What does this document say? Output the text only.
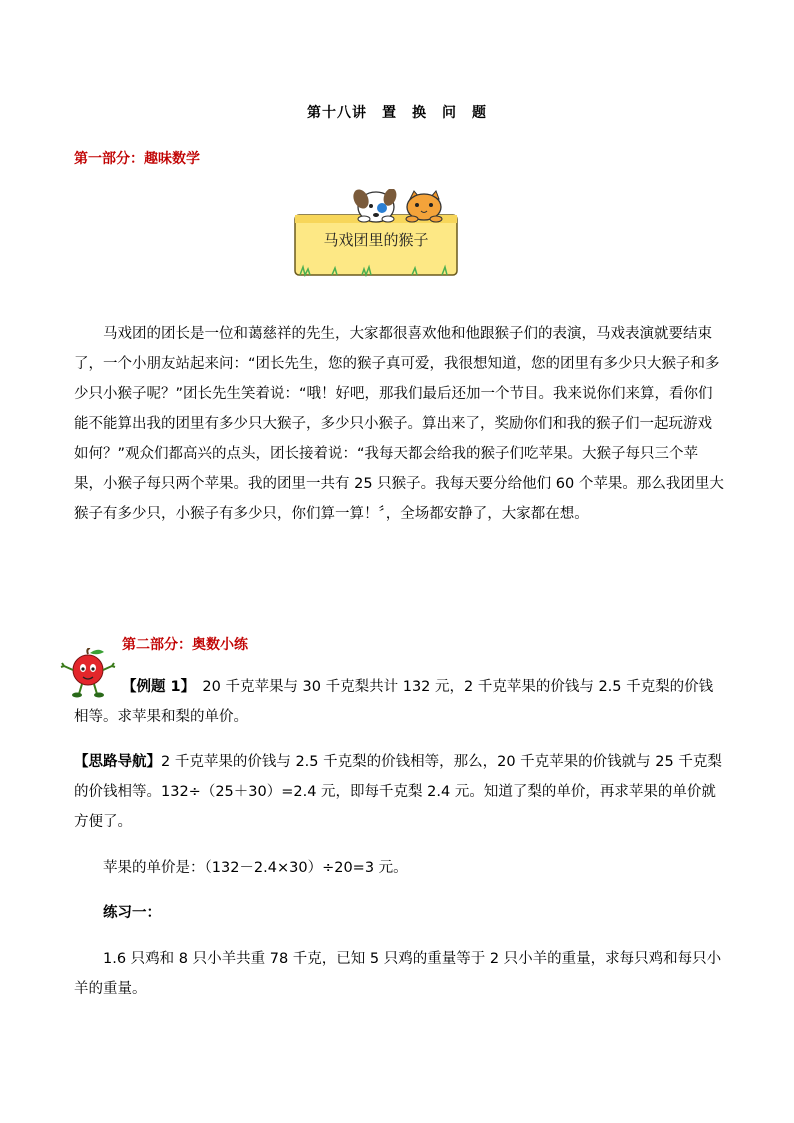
第十八讲　置　换　问　题
第一部分：趣味数学
马戏团里的猴子

马戏团的团长是一位和蔼慈祥的先生，大家都很喜欢他和他跟猴子们的表演，马戏表演就要结束了，一个小朋友站起来问：“团长先生，您的猴子真可爱，我很想知道，您的团里有多少只大猴子和多少只小猴子呢？”团长先生笑着说：“哦！好吧，那我们最后还加一个节目。我来说你们来算，看你们能不能算出我的团里有多少只大猴子，多少只小猴子。算出来了，奖励你们和我的猴子们一起玩游戏如何？”观众们都高兴的点头，团长接着说：“我每天都会给我的猴子们吃苹果。大猴子每只三个苹果，小猴子每只两个苹果。我的团里一共有 25 只猴子。我每天要分给他们 60 个苹果。那么我团里大猴子有多少只，小猴子有多少只，你们算一算！〞，全场都安静了，大家都在想。

第二部分：奥数小练

【例题 1】　20 千克苹果与 30 千克梨共计 132 元，2 千克苹果的价钱与 2.5 千克梨的价钱相等。求苹果和梨的单价。

【思路导航】2 千克苹果的价钱与 2.5 千克梨的价钱相等，那么，20 千克苹果的价钱就与 25 千克梨的价钱相等。132÷（25＋30）=2.4 元，即每千克梨 2.4 元。知道了梨的单价，再求苹果的单价就方便了。

苹果的单价是：（132－2.4×30）÷20=3 元。

练习一：

1.6 只鸡和 8 只小羊共重 78 千克，已知 5 只鸡的重量等于 2 只小羊的重量，求每只鸡和每只小羊的重量。
